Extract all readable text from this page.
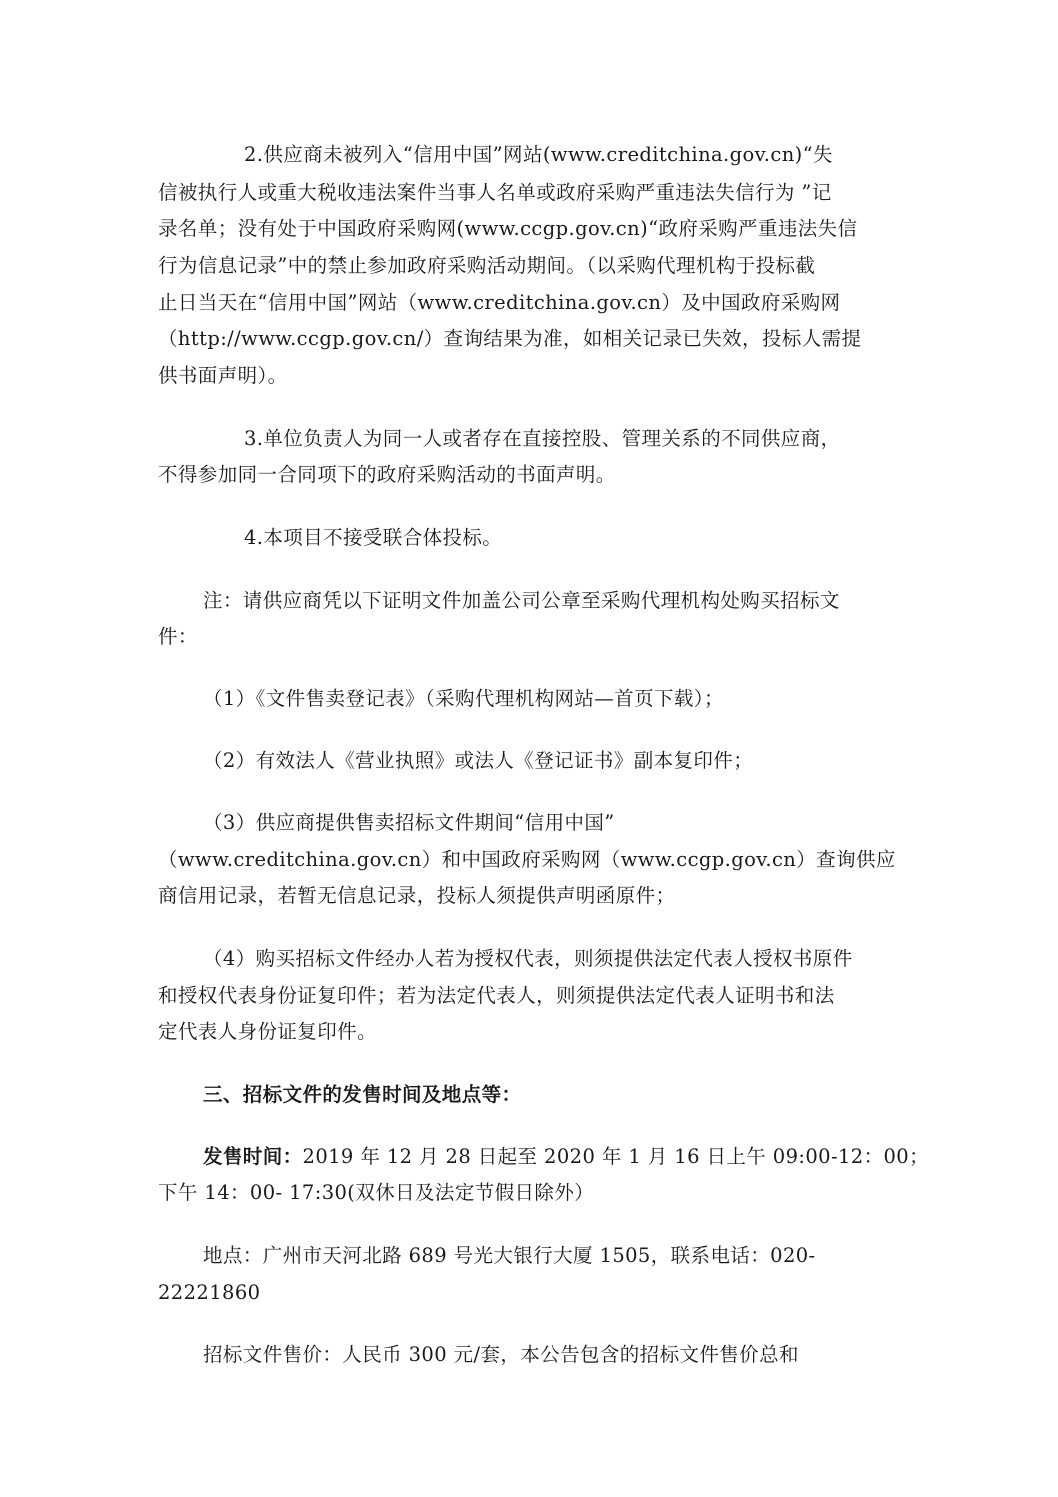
2.供应商未被列入“信用中国”网站(www.creditchina.gov.cn)“失
信被执行人或重大税收违法案件当事人名单或政府采购严重违法失信行为 ”记
录名单；没有处于中国政府采购网(www.ccgp.gov.cn)“政府采购严重违法失信
行为信息记录”中的禁止参加政府采购活动期间。（以采购代理机构于投标截
止日当天在“信用中国”网站（www.creditchina.gov.cn）及中国政府采购网
（http://www.ccgp.gov.cn/）查询结果为准，如相关记录已失效，投标人需提
供书面声明）。
3.单位负责人为同一人或者存在直接控股、管理关系的不同供应商，
不得参加同一合同项下的政府采购活动的书面声明。
4.本项目不接受联合体投标。
注：请供应商凭以下证明文件加盖公司公章至采购代理机构处购买招标文
件：
（1）《文件售卖登记表》（采购代理机构网站—首页下载）；
（2）有效法人《营业执照》或法人《登记证书》副本复印件；
（3）供应商提供售卖招标文件期间“信用中国”
（www.creditchina.gov.cn）和中国政府采购网（www.ccgp.gov.cn）查询供应
商信用记录，若暂无信息记录，投标人须提供声明函原件；
（4）购买招标文件经办人若为授权代表，则须提供法定代表人授权书原件
和授权代表身份证复印件；若为法定代表人，则须提供法定代表人证明书和法
定代表人身份证复印件。
三、招标文件的发售时间及地点等：
发售时间：2019 年 12 月 28 日起至 2020 年 1 月 16 日上午 09:00-12：00；
下午 14：00- 17:30(双休日及法定节假日除外）
地点：广州市天河北路 689 号光大银行大厦 1505，联系电话：020-
22221860
招标文件售价：人民币 300 元/套，本公告包含的招标文件售价总和
